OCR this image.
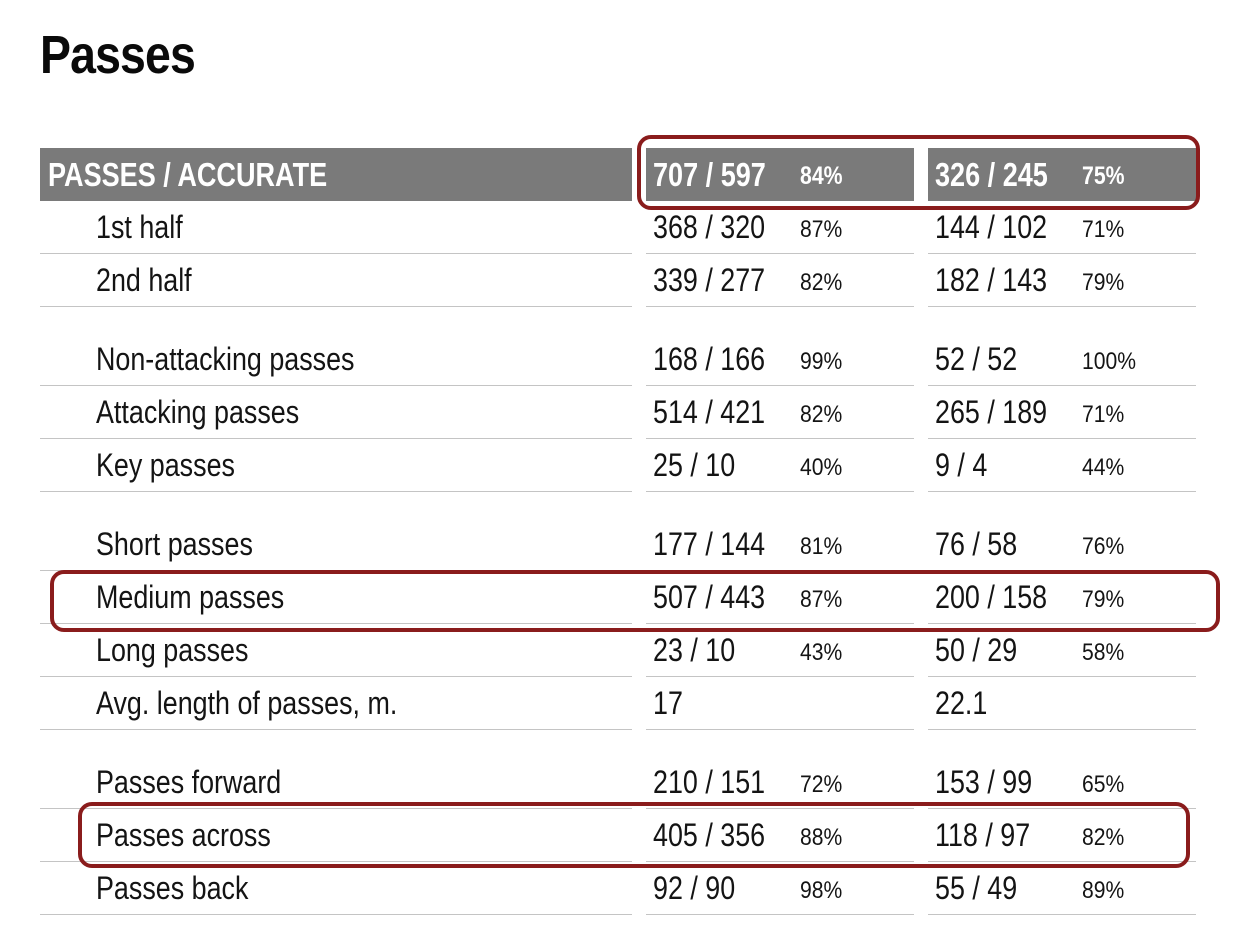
Passes
PASSES / ACCURATE	707 / 597 84%	326 / 245 75%
1st half	368 / 320 87%	144 / 102 71%
2nd half	339 / 277 82%	182 / 143 79%
Non-attacking passes	168 / 166 99%	52 / 52	100%
Attacking passes	514 / 421 82%	265 / 189 71%
Key passes	25 / 10	40%	9 / 4	44%
Short passes	177 / 144 81%	76 / 58	76%
Medium passes	507 / 443 87%	200 / 158 79%
Long passes	23 / 10	43%	50 / 29	58%
Avg. length of passes, m.	17	22.1
Passes forward	210 / 151 72%	153 / 99 65%
Passes across	405 / 356 88%	118 / 97 82%
Passes back	92 / 90	98%	55 / 49	89%
